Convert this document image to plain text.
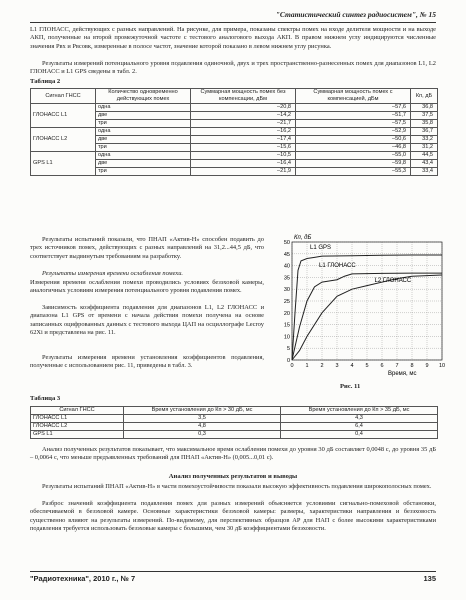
"Статистический синтез радиосистем", № 15
L1 ГЛОНАСС, действующих с разных направлений. На рисунке, для примера, показаны спектры помех на входе делителя мощности и на выходе АКП, полученные на второй промежуточной частоте с тестового аналогового выхода АКП. В правом нижнем углу индицируются численные значения Рвх и Рвсовк, измеренные в полосе частот, значение которой показано в левом нижнем углу рисунка.
Результаты измерений потенциального уровня подавления одиночной, двух и трех пространственно-разнесенных помех для диапазонов L1, L2 ГЛОНАСС и L1 GPS сведены в табл. 2.
Таблица 2
Сигнал ГНСС	Количество одновременно действующих помех	Суммарная мощность помех без компенсации, дБм	Суммарная мощность помех с компенсацией, дБм	Кп, дБ
ГЛОНАСС L1	одна	–20,8	–57,6	36,8
	две	–14,2	–51,7	37,5
	три	–21,7	–57,5	35,8
ГЛОНАСС L2	одна	–16,2	–52,9	36,7
	две	–17,4	–50,6	33,2
	три	–15,6	–46,8	31,2
GPS L1	одна	–10,5	–55,0	44,5
	две	–16,4	–59,8	43,4
	три	–21,9	–55,3	33,4
Результаты испытаний показали, что ПНАП «Актив-Н» способен подавить до трех источников помех, действующих с разных направлений на 31,2...44,5 дБ, что соответствует выдвинутым требованиям на разработку.
Результаты измерения времени ослабления помехи.
Измерения времени ослабления помехи проводились условиях безэховой камеры, аналогичных условиям измерения потенциального уровня подавления помех.
Зависимость коэффициента подавления для диапазонов L1, L2 ГЛОНАСС и диапазона L1 GPS от времени с начала действия помехи получена на основе записанных оцифрованных данных с тестового выхода ЦАП на осциллографе Lecroy 62Xi и представлена на рис. 11.
Результаты измерения времени установления коэффициентов подавления, полученные с использованием рис. 11, приведены в табл. 3.	0 1 2 3 4 5 6 7 8 9 10
0
5
10
15
20
25
30
35
40
45
50
Кп, дБ
Время, мс
L1 GPS
L1 ГЛОНАСС
L2 ГЛОНАСС
Рис. 11
Таблица 3
Сигнал ГНСС	Время установления до Кп > 30 дБ, мс	Время установления до Кп > 35 дБ, мс
ГЛОНАСС L1	3,5	4,3
ГЛОНАСС L2	4,8	6,4
GPS L1	0,3	0,4
Анализ полученных результатов показывает, что максимальное время ослабления помехи до уровня 30 дБ составляет 0,0048 с, до уровня 35 дБ – 0,0064 с, что меньше предъявленных требований для ПНАП «Актив-Н» (0,005...0,01 с).
Анализ полученных результатов и выводы
Результаты испытаний ПНАП «Актив-Н» в части помехоустойчивости показали высокую эффективность подавления широкополосных помех.
Разброс значений коэффициента подавления помех для разных измерений объясняется условиями сигнально-помеховой обстановки, обеспечиваемой в безэховой камере. Основные характеристики безэховой камеры: размеры, характеристики направления и безэховость существенно влияют на результаты измерений. По-видимому, для перспективных образцов АР для НАП с более высокими характеристиками подавления требуется использовать безэховые камеры с большими, чем 30 дБ коэффициентами безэховости.
"Радиотехника", 2010 г., № 7	135
